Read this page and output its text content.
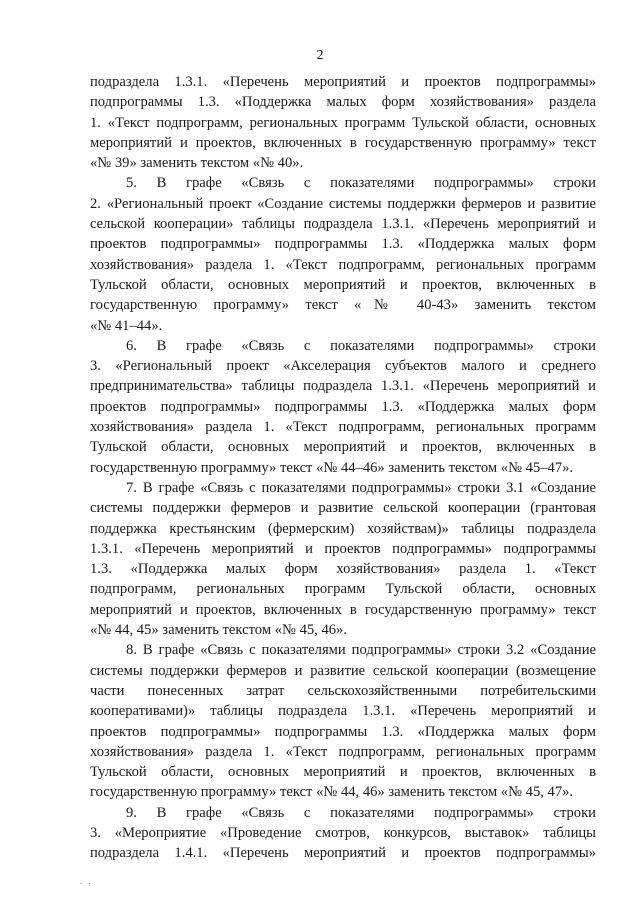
2
подраздела 1.3.1. «Перечень мероприятий и проектов подпрограммы»
подпрограммы 1.3. «Поддержка малых форм хозяйствования» раздела
1. «Текст подпрограмм, региональных программ Тульской области, основных
мероприятий и проектов, включенных в государственную программу» текст
«№ 39» заменить текстом «№ 40».
5. В графе «Связь с показателями подпрограммы» строки
2. «Региональный проект «Создание системы поддержки фермеров и развитие
сельской кооперации» таблицы подраздела 1.3.1. «Перечень мероприятий и
проектов подпрограммы» подпрограммы 1.3. «Поддержка малых форм
хозяйствования» раздела 1. «Текст подпрограмм, региональных программ
Тульской области, основных мероприятий и проектов, включенных в
государственную программу» текст «№ 40-43» заменить текстом
«№ 41–44».
6. В графе «Связь с показателями подпрограммы» строки
3. «Региональный проект «Акселерация субъектов малого и среднего
предпринимательства» таблицы подраздела 1.3.1. «Перечень мероприятий и
проектов подпрограммы» подпрограммы 1.3. «Поддержка малых форм
хозяйствования» раздела 1. «Текст подпрограмм, региональных программ
Тульской области, основных мероприятий и проектов, включенных в
государственную программу» текст «№ 44–46» заменить текстом «№ 45–47».
7. В графе «Связь с показателями подпрограммы» строки 3.1 «Создание
системы поддержки фермеров и развитие сельской кооперации (грантовая
поддержка крестьянским (фермерским) хозяйствам)» таблицы подраздела
1.3.1. «Перечень мероприятий и проектов подпрограммы» подпрограммы
1.3. «Поддержка малых форм хозяйствования» раздела 1. «Текст
подпрограмм, региональных программ Тульской области, основных
мероприятий и проектов, включенных в государственную программу» текст
«№ 44, 45» заменить текстом «№ 45, 46».
8. В графе «Связь с показателями подпрограммы» строки 3.2 «Создание
системы поддержки фермеров и развитие сельской кооперации (возмещение
части понесенных затрат сельскохозяйственными потребительскими
кооперативами)» таблицы подраздела 1.3.1. «Перечень мероприятий и
проектов подпрограммы» подпрограммы 1.3. «Поддержка малых форм
хозяйствования» раздела 1. «Текст подпрограмм, региональных программ
Тульской области, основных мероприятий и проектов, включенных в
государственную программу» текст «№ 44, 46» заменить текстом «№ 45, 47».
9. В графе «Связь с показателями подпрограммы» строки
3. «Мероприятие «Проведение смотров, конкурсов, выставок» таблицы
подраздела 1.4.1. «Перечень мероприятий и проектов подпрограммы»
. .
